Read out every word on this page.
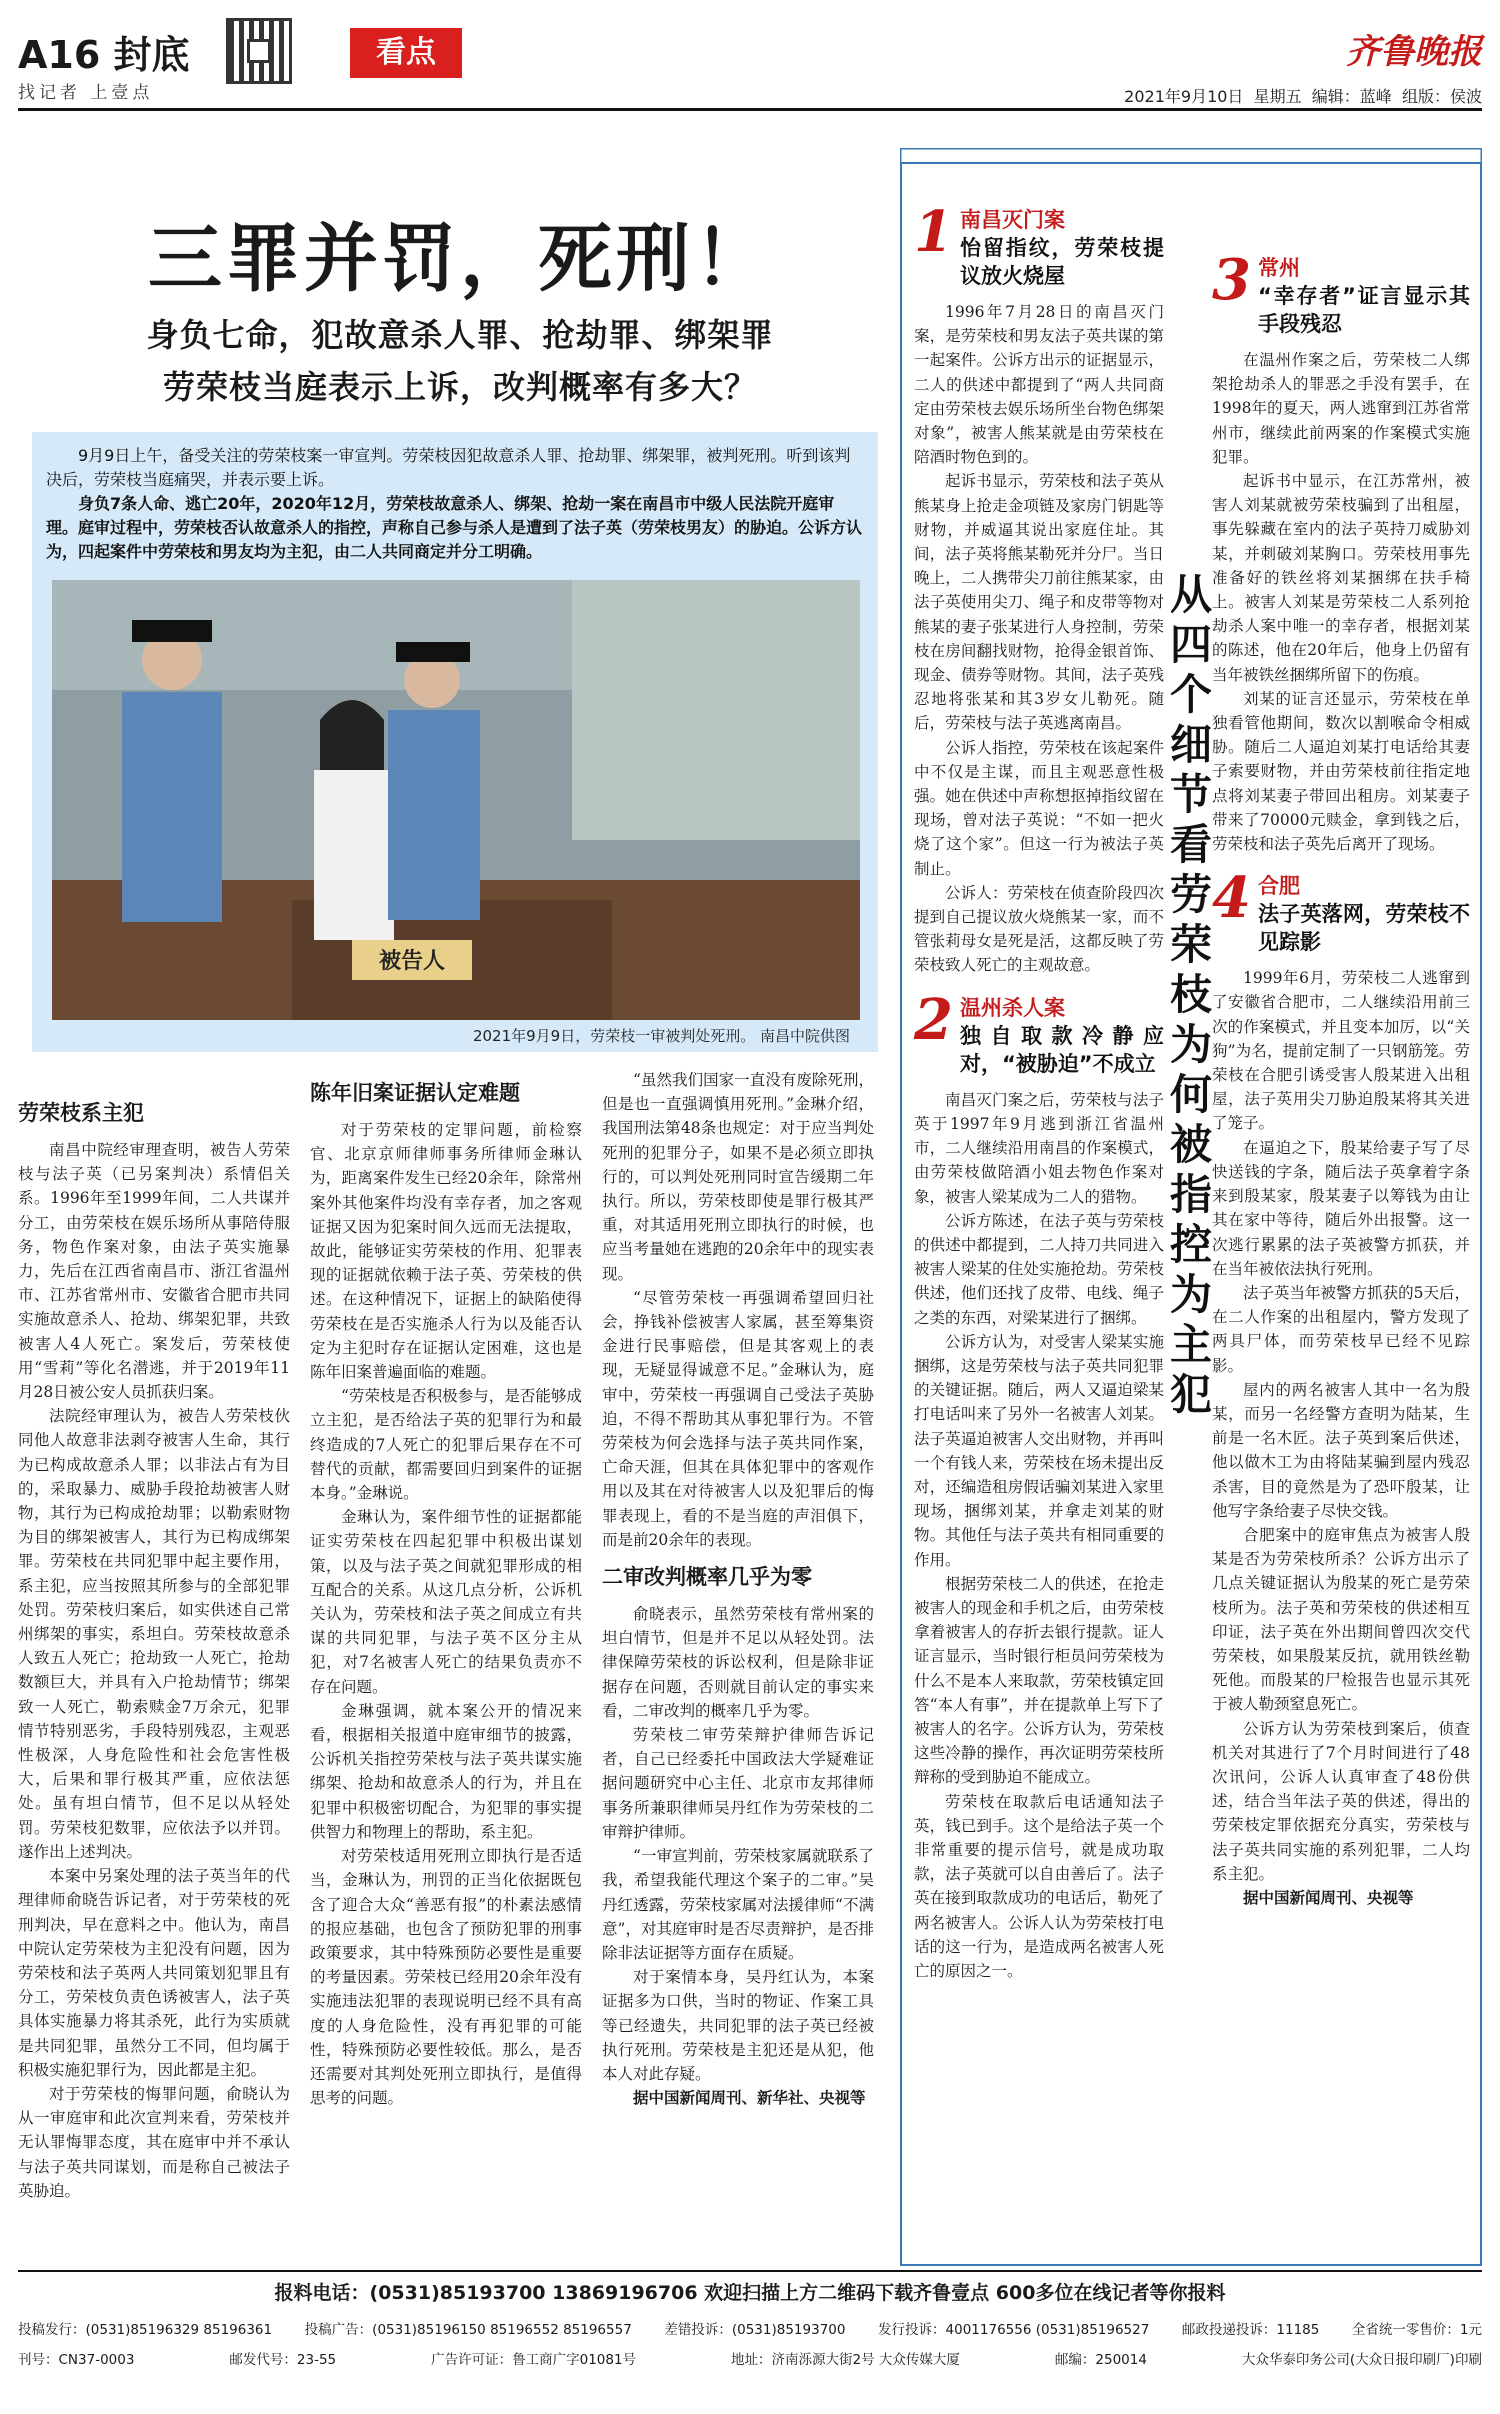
A16 封底
找记者 上壹点
看点	齐鲁晚报
2021年9月10日 星期五 编辑：蓝峰 组版：侯波
三罪并罚，死刑！
身负七命，犯故意杀人罪、抢劫罪、绑架罪
劳荣枝当庭表示上诉，改判概率有多大？

9月9日上午，备受关注的劳荣枝案一审宣判。劳荣枝因犯故意杀人罪、抢劫罪、绑架罪，被判死刑。听到该判决后，劳荣枝当庭痛哭，并表示要上诉。

身负7条人命、逃亡20年，2020年12月，劳荣枝故意杀人、绑架、抢劫一案在南昌市中级人民法院开庭审理。庭审过程中，劳荣枝否认故意杀人的指控，声称自己参与杀人是遭到了法子英（劳荣枝男友）的胁迫。公诉方认为，四起案件中劳荣枝和男友均为主犯，由二人共同商定并分工明确。

被告人
2021年9月9日，劳荣枝一审被判处死刑。 南昌中院供图
劳荣枝系主犯

南昌中院经审理查明，被告人劳荣枝与法子英（已另案判决）系情侣关系。1996年至1999年间，二人共谋并分工，由劳荣枝在娱乐场所从事陪侍服务，物色作案对象，由法子英实施暴力，先后在江西省南昌市、浙江省温州市、江苏省常州市、安徽省合肥市共同实施故意杀人、抢劫、绑架犯罪，共致被害人4人死亡。案发后，劳荣枝使用“雪莉”等化名潜逃，并于2019年11月28日被公安人员抓获归案。

法院经审理认为，被告人劳荣枝伙同他人故意非法剥夺被害人生命，其行为已构成故意杀人罪；以非法占有为目的，采取暴力、威胁手段抢劫被害人财物，其行为已构成抢劫罪；以勒索财物为目的绑架被害人，其行为已构成绑架罪。劳荣枝在共同犯罪中起主要作用，系主犯，应当按照其所参与的全部犯罪处罚。劳荣枝归案后，如实供述自己常州绑架的事实，系坦白。劳荣枝故意杀人致五人死亡；抢劫致一人死亡，抢劫数额巨大，并具有入户抢劫情节；绑架致一人死亡，勒索赎金7万余元，犯罪情节特别恶劣，手段特别残忍，主观恶性极深，人身危险性和社会危害性极大，后果和罪行极其严重，应依法惩处。虽有坦白情节，但不足以从轻处罚。劳荣枝犯数罪，应依法予以并罚。遂作出上述判决。

本案中另案处理的法子英当年的代理律师俞晓告诉记者，对于劳荣枝的死刑判决，早在意料之中。他认为，南昌中院认定劳荣枝为主犯没有问题，因为劳荣枝和法子英两人共同策划犯罪且有分工，劳荣枝负责色诱被害人，法子英具体实施暴力将其杀死，此行为实质就是共同犯罪，虽然分工不同，但均属于积极实施犯罪行为，因此都是主犯。

对于劳荣枝的悔罪问题，俞晓认为从一审庭审和此次宣判来看，劳荣枝并无认罪悔罪态度，其在庭审中并不承认与法子英共同谋划，而是称自己被法子英胁迫。

陈年旧案证据认定难题

对于劳荣枝的定罪问题，前检察官、北京京师律师事务所律师金琳认为，距离案件发生已经20余年，除常州案外其他案件均没有幸存者，加之客观证据又因为犯案时间久远而无法提取，故此，能够证实劳荣枝的作用、犯罪表现的证据就依赖于法子英、劳荣枝的供述。在这种情况下，证据上的缺陷使得劳荣枝在是否实施杀人行为以及能否认定为主犯时存在证据认定困难，这也是陈年旧案普遍面临的难题。

“劳荣枝是否积极参与，是否能够成立主犯，是否给法子英的犯罪行为和最终造成的7人死亡的犯罪后果存在不可替代的贡献，都需要回归到案件的证据本身。”金琳说。

金琳认为，案件细节性的证据都能证实劳荣枝在四起犯罪中积极出谋划策，以及与法子英之间就犯罪形成的相互配合的关系。从这几点分析，公诉机关认为，劳荣枝和法子英之间成立有共谋的共同犯罪，与法子英不区分主从犯，对7名被害人死亡的结果负责亦不存在问题。

金琳强调，就本案公开的情况来看，根据相关报道中庭审细节的披露，公诉机关指控劳荣枝与法子英共谋实施绑架、抢劫和故意杀人的行为，并且在犯罪中积极密切配合，为犯罪的事实提供智力和物理上的帮助，系主犯。

对劳荣枝适用死刑立即执行是否适当，金琳认为，刑罚的正当化依据既包含了迎合大众“善恶有报”的朴素法感情的报应基础，也包含了预防犯罪的刑事政策要求，其中特殊预防必要性是重要的考量因素。劳荣枝已经用20余年没有实施违法犯罪的表现说明已经不具有高度的人身危险性，没有再犯罪的可能性，特殊预防必要性较低。那么，是否还需要对其判处死刑立即执行，是值得思考的问题。

“虽然我们国家一直没有废除死刑，但是也一直强调慎用死刑。”金琳介绍，我国刑法第48条也规定：对于应当判处死刑的犯罪分子，如果不是必须立即执行的，可以判处死刑同时宣告缓期二年执行。所以，劳荣枝即使是罪行极其严重，对其适用死刑立即执行的时候，也应当考量她在逃跑的20余年中的现实表现。

“尽管劳荣枝一再强调希望回归社会，挣钱补偿被害人家属，甚至筹集资金进行民事赔偿，但是其客观上的表现，无疑显得诚意不足。”金琳认为，庭审中，劳荣枝一再强调自己受法子英胁迫，不得不帮助其从事犯罪行为。不管劳荣枝为何会选择与法子英共同作案，亡命天涯，但其在具体犯罪中的客观作用以及其在对待被害人以及犯罪后的悔罪表现上，看的不是当庭的声泪俱下，而是前20余年的表现。

二审改判概率几乎为零

俞晓表示，虽然劳荣枝有常州案的坦白情节，但是并不足以从轻处罚。法律保障劳荣枝的诉讼权利，但是除非证据存在问题，否则就目前认定的事实来看，二审改判的概率几乎为零。

劳荣枝二审劳荣辩护律师告诉记者，自己已经委托中国政法大学疑难证据问题研究中心主任、北京市友邦律师事务所兼职律师吴丹红作为劳荣枝的二审辩护律师。

“一审宣判前，劳荣枝家属就联系了我，希望我能代理这个案子的二审。”吴丹红透露，劳荣枝家属对法援律师“不满意”，对其庭审时是否尽责辩护，是否排除非法证据等方面存在质疑。

对于案情本身，吴丹红认为，本案证据多为口供，当时的物证、作案工具等已经遗失，共同犯罪的法子英已经被执行死刑。劳荣枝是主犯还是从犯，他本人对此存疑。

据中国新闻周刊、新华社、央视等

1 南昌灭门案
怡留指纹，劳荣枝提议放火烧屋

1996年7月28日的南昌灭门案，是劳荣枝和男友法子英共谋的第一起案件。公诉方出示的证据显示，二人的供述中都提到了“两人共同商定由劳荣枝去娱乐场所坐台物色绑架对象”，被害人熊某就是由劳荣枝在陪酒时物色到的。

起诉书显示，劳荣枝和法子英从熊某身上抢走金项链及家房门钥匙等财物，并威逼其说出家庭住址。其间，法子英将熊某勒死并分尸。当日晚上，二人携带尖刀前往熊某家，由法子英使用尖刀、绳子和皮带等物对熊某的妻子张某进行人身控制，劳荣枝在房间翻找财物，抢得金银首饰、现金、债券等财物。其间，法子英残忍地将张某和其3岁女儿勒死。随后，劳荣枝与法子英逃离南昌。

公诉人指控，劳荣枝在该起案件中不仅是主谋，而且主观恶意性极强。她在供述中声称想抠掉指纹留在现场，曾对法子英说：“不如一把火烧了这个家”。但这一行为被法子英制止。

公诉人：劳荣枝在侦查阶段四次提到自己提议放火烧熊某一家，而不管张莉母女是死是活，这都反映了劳荣枝致人死亡的主观故意。

2 温州杀人案
独自取款冷静应对，“被胁迫”不成立

南昌灭门案之后，劳荣枝与法子英于1997年9月逃到浙江省温州市，二人继续沿用南昌的作案模式，由劳荣枝做陪酒小姐去物色作案对象，被害人梁某成为二人的猎物。

公诉方陈述，在法子英与劳荣枝的供述中都提到，二人持刀共同进入被害人梁某的住处实施抢劫。劳荣枝供述，他们还找了皮带、电线、绳子之类的东西，对梁某进行了捆绑。

公诉方认为，对受害人梁某实施捆绑，这是劳荣枝与法子英共同犯罪的关键证据。随后，两人又逼迫梁某打电话叫来了另外一名被害人刘某。法子英逼迫被害人交出财物，并再叫一个有钱人来，劳荣枝在场未提出反对，还编造租房假话骗刘某进入家里现场，捆绑刘某，并拿走刘某的财物。其他任与法子英共有相同重要的作用。

根据劳荣枝二人的供述，在抢走被害人的现金和手机之后，由劳荣枝拿着被害人的存折去银行提款。证人证言显示，当时银行柜员问劳荣枝为什么不是本人来取款，劳荣枝镇定回答“本人有事”，并在提款单上写下了被害人的名字。公诉方认为，劳荣枝这些冷静的操作，再次证明劳荣枝所辩称的受到胁迫不能成立。

劳荣枝在取款后电话通知法子英，钱已到手。这个是给法子英一个非常重要的提示信号，就是成功取款，法子英就可以自由善后了。法子英在接到取款成功的电话后，勒死了两名被害人。公诉人认为劳荣枝打电话的这一行为，是造成两名被害人死亡的原因之一。

从四个细节看劳荣枝为何被指控为主犯
3 常州
“幸存者”证言显示其手段残忍

在温州作案之后，劳荣枝二人绑架抢劫杀人的罪恶之手没有罢手，在1998年的夏天，两人逃窜到江苏省常州市，继续此前两案的作案模式实施犯罪。

起诉书中显示，在江苏常州，被害人刘某就被劳荣枝骗到了出租屋，事先躲藏在室内的法子英持刀威胁刘某，并刺破刘某胸口。劳荣枝用事先准备好的铁丝将刘某捆绑在扶手椅上。被害人刘某是劳荣枝二人系列抢劫杀人案中唯一的幸存者，根据刘某的陈述，他在20年后，他身上仍留有当年被铁丝捆绑所留下的伤痕。

刘某的证言还显示，劳荣枝在单独看管他期间，数次以割喉命令相威胁。随后二人逼迫刘某打电话给其妻子索要财物，并由劳荣枝前往指定地点将刘某妻子带回出租房。刘某妻子带来了70000元赎金，拿到钱之后，劳荣枝和法子英先后离开了现场。

4 合肥
法子英落网，劳荣枝不见踪影

1999年6月，劳荣枝二人逃窜到了安徽省合肥市，二人继续沿用前三次的作案模式，并且变本加厉，以“关狗”为名，提前定制了一只钢筋笼。劳荣枝在合肥引诱受害人殷某进入出租屋，法子英用尖刀胁迫殷某将其关进了笼子。

在逼迫之下，殷某给妻子写了尽快送钱的字条，随后法子英拿着字条来到殷某家，殷某妻子以筹钱为由让其在家中等待，随后外出报警。这一次逃行累累的法子英被警方抓获，并在当年被依法执行死刑。

法子英当年被警方抓获的5天后，在二人作案的出租屋内，警方发现了两具尸体，而劳荣枝早已经不见踪影。

屋内的两名被害人其中一名为殷某，而另一名经警方查明为陆某，生前是一名木匠。法子英到案后供述，他以做木工为由将陆某骗到屋内残忍杀害，目的竟然是为了恐吓殷某，让他写字条给妻子尽快交钱。

合肥案中的庭审焦点为被害人殷某是否为劳荣枝所杀？公诉方出示了几点关键证据认为殷某的死亡是劳荣枝所为。法子英和劳荣枝的供述相互印证，法子英在外出期间曾四次交代劳荣枝，如果殷某反抗，就用铁丝勒死他。而殷某的尸检报告也显示其死于被人勒颈窒息死亡。

公诉方认为劳荣枝到案后，侦查机关对其进行了7个月时间进行了48次讯问，公诉人认真审查了48份供述，结合当年法子英的供述，得出的劳荣枝定罪依据充分真实，劳荣枝与法子英共同实施的系列犯罪，二人均系主犯。

据中国新闻周刊、央视等

报料电话：(0531)85193700 13869196706 欢迎扫描上方二维码下载齐鲁壹点 600多位在线记者等你报料
投稿发行：(0531)85196329 85196361 投稿广告：(0531)85196150 85196552 85196557 差错投诉：(0531)85193700 发行投诉：4001176556 (0531)85196527 邮政投递投诉：11185 全省统一零售价：1元
刊号：CN37-0003	邮发代号：23-55	广告许可证：鲁工商广字01081号	地址：济南泺源大街2号 大众传媒大厦	邮编：250014	大众华泰印务公司(大众日报印刷厂)印刷
